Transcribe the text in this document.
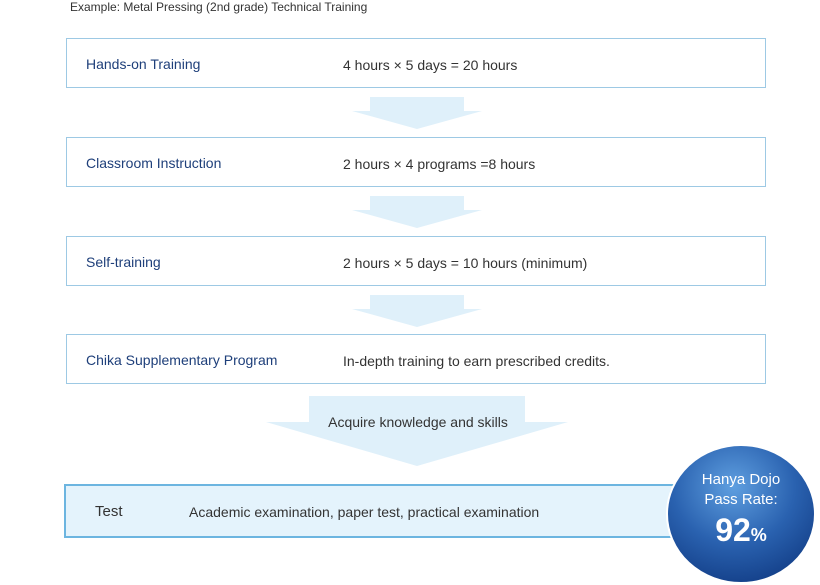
Example: Metal Pressing (2nd grade) Technical Training
Hands-on Training	4 hours × 5 days = 20 hours
Classroom Instruction	2 hours × 4 programs =8 hours
Self-training	2 hours × 5 days = 10 hours (minimum)
Chika Supplementary Program	In-depth training to earn prescribed credits.
Acquire knowledge and skills
Test	Academic examination, paper test, practical examination
Hanya Dojo
Pass Rate:
92%
